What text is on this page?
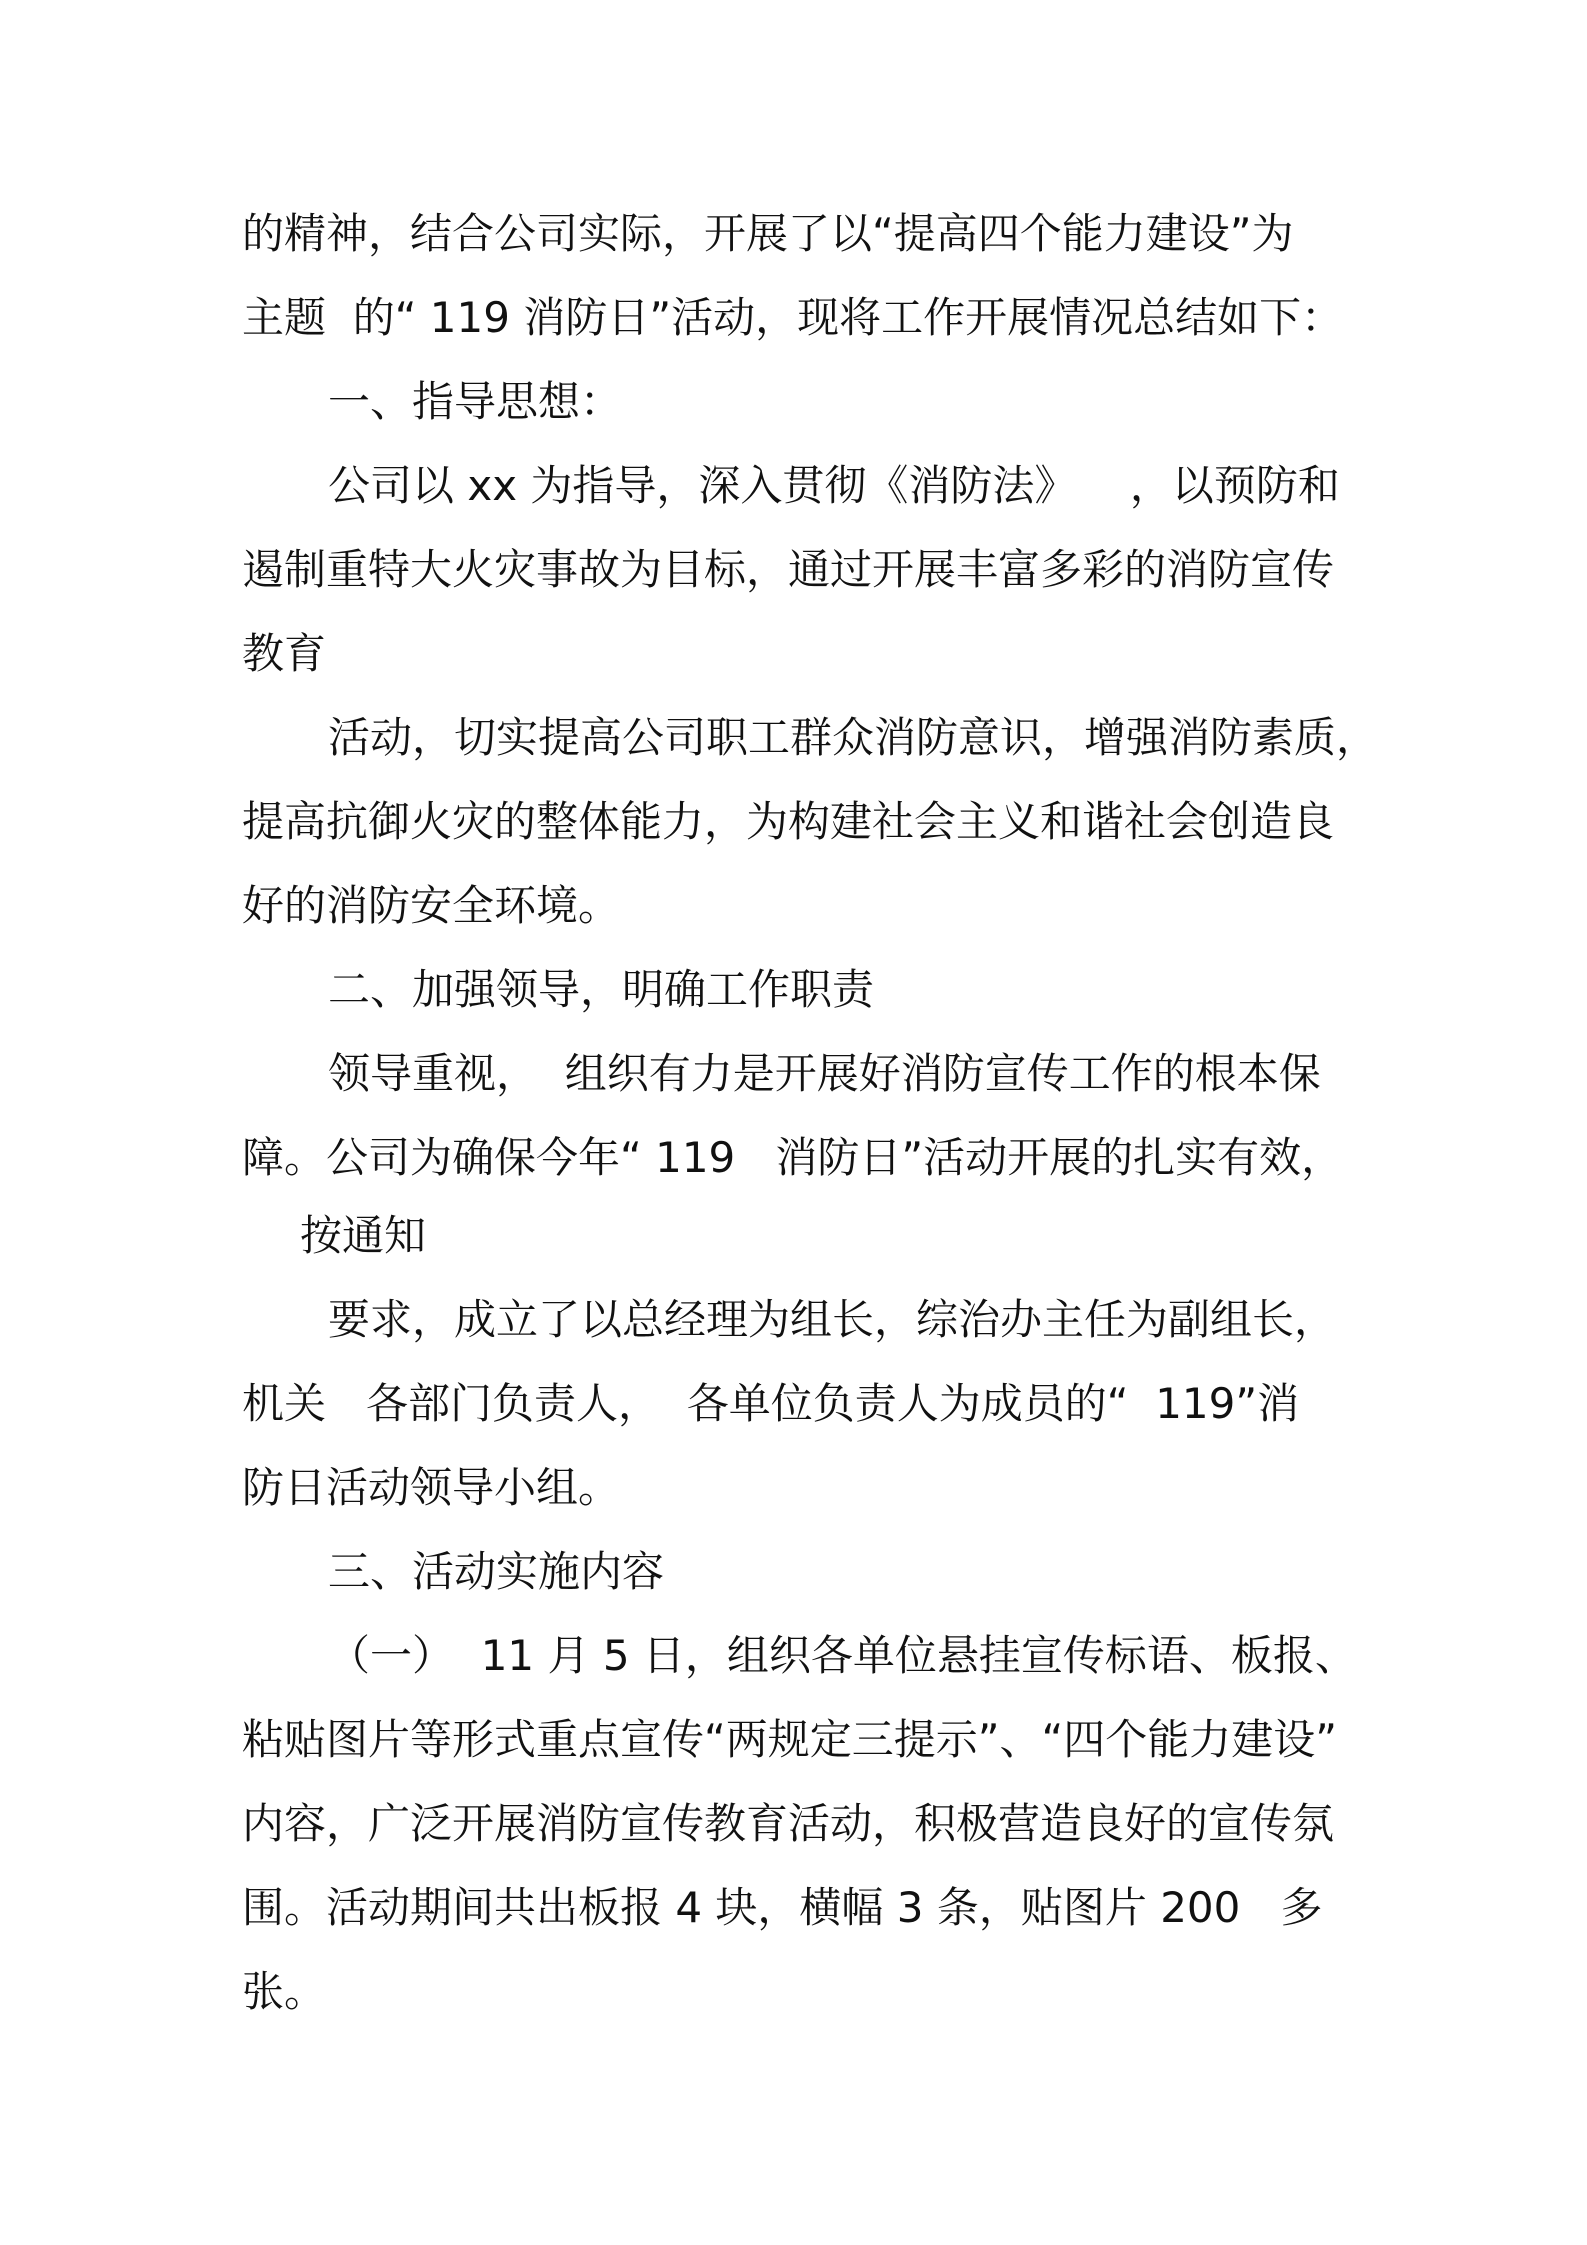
的精神，结合公司实际，开展了以“提高四个能力建设”为
主题  的“ 119 消防日”活动，现将工作开展情况总结如下：
一、指导思想：
公司以 xx 为指导，深入贯彻《消防法》    ，以预防和
遏制重特大火灾事故为目标，通过开展丰富多彩的消防宣传
教育
活动，切实提高公司职工群众消防意识，增强消防素质，
提高抗御火灾的整体能力，为构建社会主义和谐社会创造良
好的消防安全环境。
二、加强领导，明确工作职责
领导重视，  组织有力是开展好消防宣传工作的根本保
障。公司为确保今年“ 119   消防日”活动开展的扎实有效，
按通知
要求，成立了以总经理为组长，综治办主任为副组长，
机关   各部门负责人，  各单位负责人为成员的“  119”消
防日活动领导小组。
三、活动实施内容
（一）  11 月 5 日，组织各单位悬挂宣传标语、板报、
粘贴图片等形式重点宣传“两规定三提示”、“四个能力建设”
内容，广泛开展消防宣传教育活动，积极营造良好的宣传氛
围。活动期间共出板报 4 块，横幅 3 条，贴图片 200   多
张。
